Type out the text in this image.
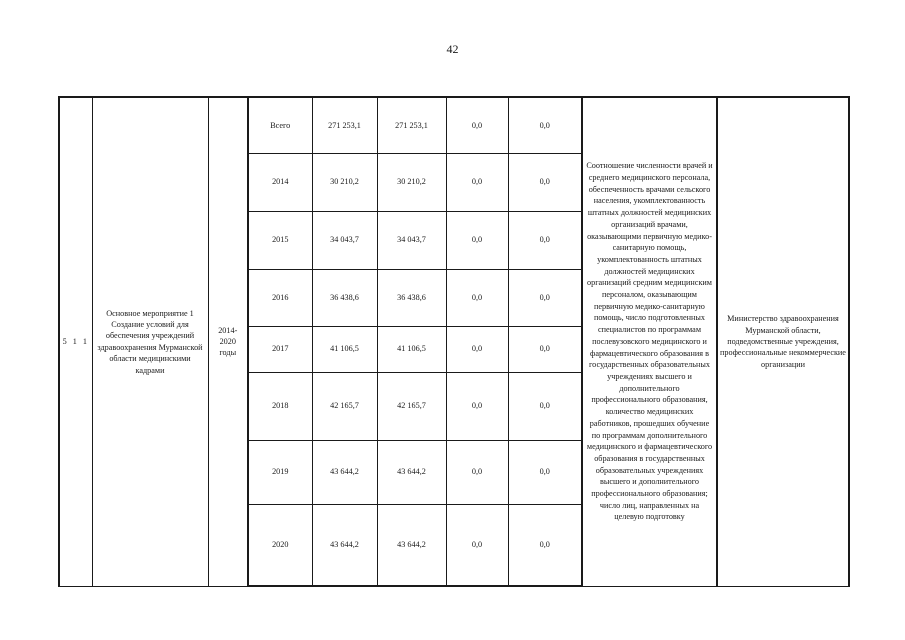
42
5 1 1	Основное мероприятие 1 Создание условий для обеспечения учреждений здравоохранения Мурманской области медицинскими кадрами	2014-2020 годы	Всего	271 253,1	271 253,1	0,0	0,0	Соотношение численности врачей и среднего медицинского персонала, обеспеченность врачами сельского населения, укомплектованность штатных должностей медицинских организаций врачами, оказывающими первичную медико-санитарную помощь, укомплектованность штатных должностей медицинских организаций средним медицинским персоналом, оказывающим первичную медико-санитарную помощь, число подготовленных специалистов по программам послевузовского медицинского и фармацевтического образования в государственных образовательных учреждениях высшего и дополнительного профессионального образования, количество медицинских работников, прошедших обучение по программам дополнительного медицинского и фармацевтического образования в государственных образовательных учреждениях высшего и дополнительного профессионального образования; число лиц, направленных на целевую подготовку	Министерство здравоохранения Мурманской области, подведомственные учреждения, профессиональные некоммерческие организации
			2014	30 210,2	30 210,2	0,0	0,0		
			2015	34 043,7	34 043,7	0,0	0,0		
			2016	36 438,6	36 438,6	0,0	0,0		
			2017	41 106,5	41 106,5	0,0	0,0		
			2018	42 165,7	42 165,7	0,0	0,0		
			2019	43 644,2	43 644,2	0,0	0,0		
			2020	43 644,2	43 644,2	0,0	0,0		
